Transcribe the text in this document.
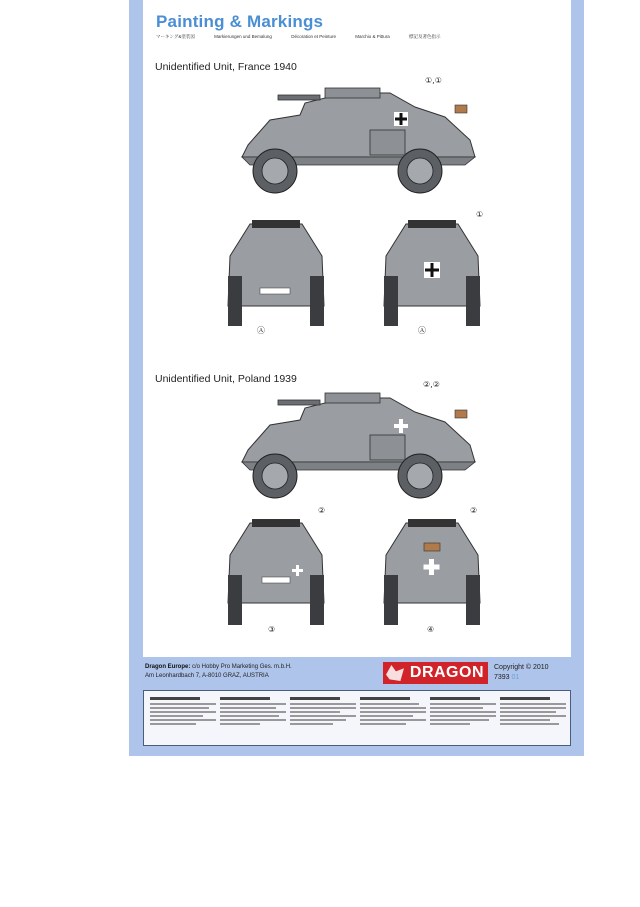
Painting & Markings
マーキング&塗装図	Markierungen und Bemalung	Décoration et Peinture	Marchio & Pittura	標記及著色指示
Unidentified Unit, France 1940
①,①
Ⓐ
①
Ⓐ
Unidentified Unit, Poland 1939	②,②
②
③
②
④
Dragon Europe: c/o Hobby Pro Marketing Ges. m.b.H.
Am Leonhardbach 7, A-8010 GRAZ, AUSTRIA	DRAGON Copyright © 2010
7393 01
